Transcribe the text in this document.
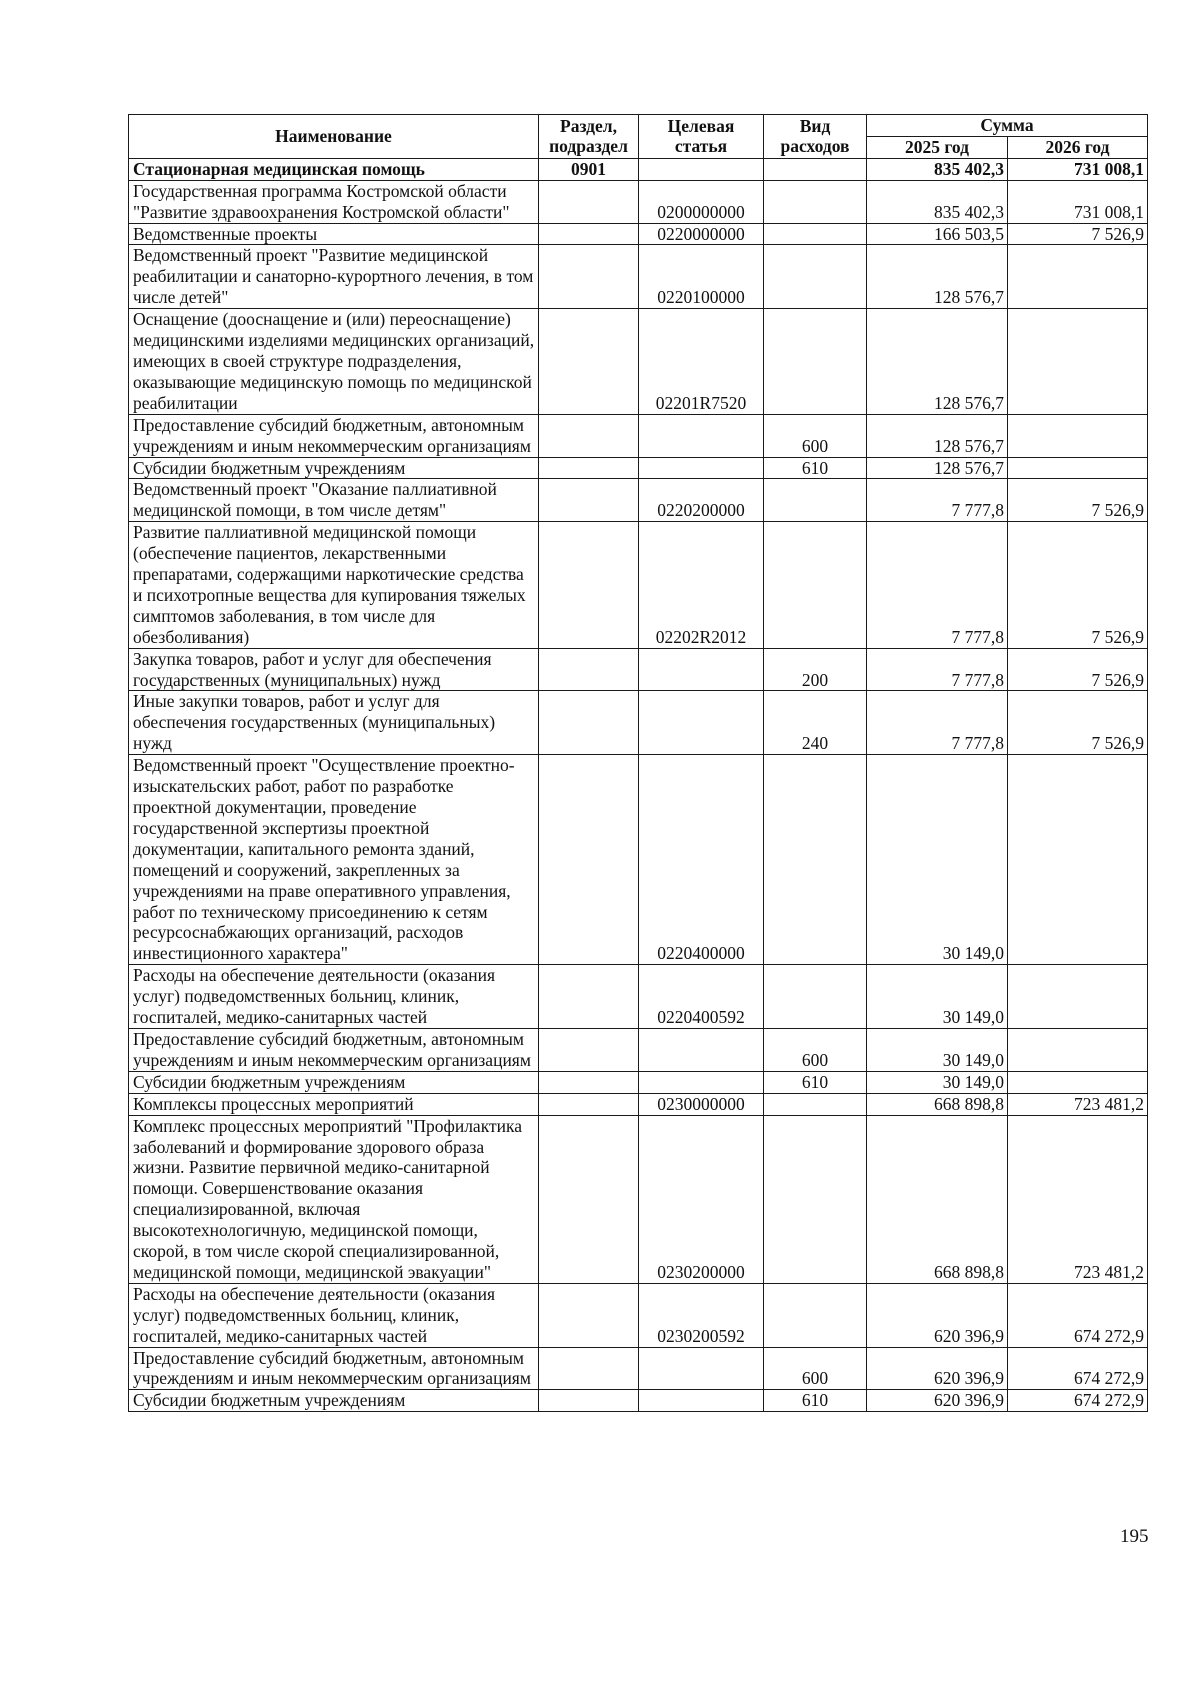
Наименование	Раздел, подраздел	Целевая статья	Вид расходов	Сумма	
				2025 год	2026 год
Стационарная медицинская помощь	0901			835 402,3	731 008,1
Государственная программа Костромской области "Развитие здравоохранения Костромской области"		0200000000		835 402,3	731 008,1
Ведомственные проекты		0220000000		166 503,5	7 526,9
Ведомственный проект "Развитие медицинской реабилитации и санаторно-курортного лечения, в том числе детей"		0220100000		128 576,7	
Оснащение (дооснащение и (или) переоснащение) медицинскими изделиями медицинских организаций, имеющих в своей структуре подразделения, оказывающие медицинскую помощь по медицинской реабилитации		02201R7520		128 576,7	
Предоставление субсидий бюджетным, автономным учреждениям и иным некоммерческим организациям			600	128 576,7	
Субсидии бюджетным учреждениям			610	128 576,7	
Ведомственный проект "Оказание паллиативной медицинской помощи, в том числе детям"		0220200000		7 777,8	7 526,9
Развитие паллиативной медицинской помощи (обеспечение пациентов, лекарственными препаратами, содержащими наркотические средства и психотропные вещества для купирования тяжелых симптомов заболевания, в том числе для обезболивания)		02202R2012		7 777,8	7 526,9
Закупка товаров, работ и услуг для обеспечения государственных (муниципальных) нужд			200	7 777,8	7 526,9
Иные закупки товаров, работ и услуг для обеспечения государственных (муниципальных) нужд			240	7 777,8	7 526,9
Ведомственный проект "Осуществление проектно-изыскательских работ, работ по разработке проектной документации, проведение государственной экспертизы проектной документации, капитального ремонта зданий, помещений и сооружений, закрепленных за учреждениями на праве оперативного управления, работ по техническому присоединению к сетям ресурсоснабжающих организаций, расходов инвестиционного характера"		0220400000		30 149,0	
Расходы на обеспечение деятельности (оказания услуг) подведомственных больниц, клиник, госпиталей, медико-санитарных частей		0220400592		30 149,0	
Предоставление субсидий бюджетным, автономным учреждениям и иным некоммерческим организациям			600	30 149,0	
Субсидии бюджетным учреждениям			610	30 149,0	
Комплексы процессных мероприятий		0230000000		668 898,8	723 481,2
Комплекс процессных мероприятий "Профилактика заболеваний и формирование здорового образа жизни. Развитие первичной медико-санитарной помощи. Совершенствование оказания специализированной, включая высокотехнологичную, медицинской помощи, скорой, в том числе скорой специализированной, медицинской помощи, медицинской эвакуации"		0230200000		668 898,8	723 481,2
Расходы на обеспечение деятельности (оказания услуг) подведомственных больниц, клиник, госпиталей, медико-санитарных частей		0230200592		620 396,9	674 272,9
Предоставление субсидий бюджетным, автономным учреждениям и иным некоммерческим организациям			600	620 396,9	674 272,9
Субсидии бюджетным учреждениям			610	620 396,9	674 272,9
195
